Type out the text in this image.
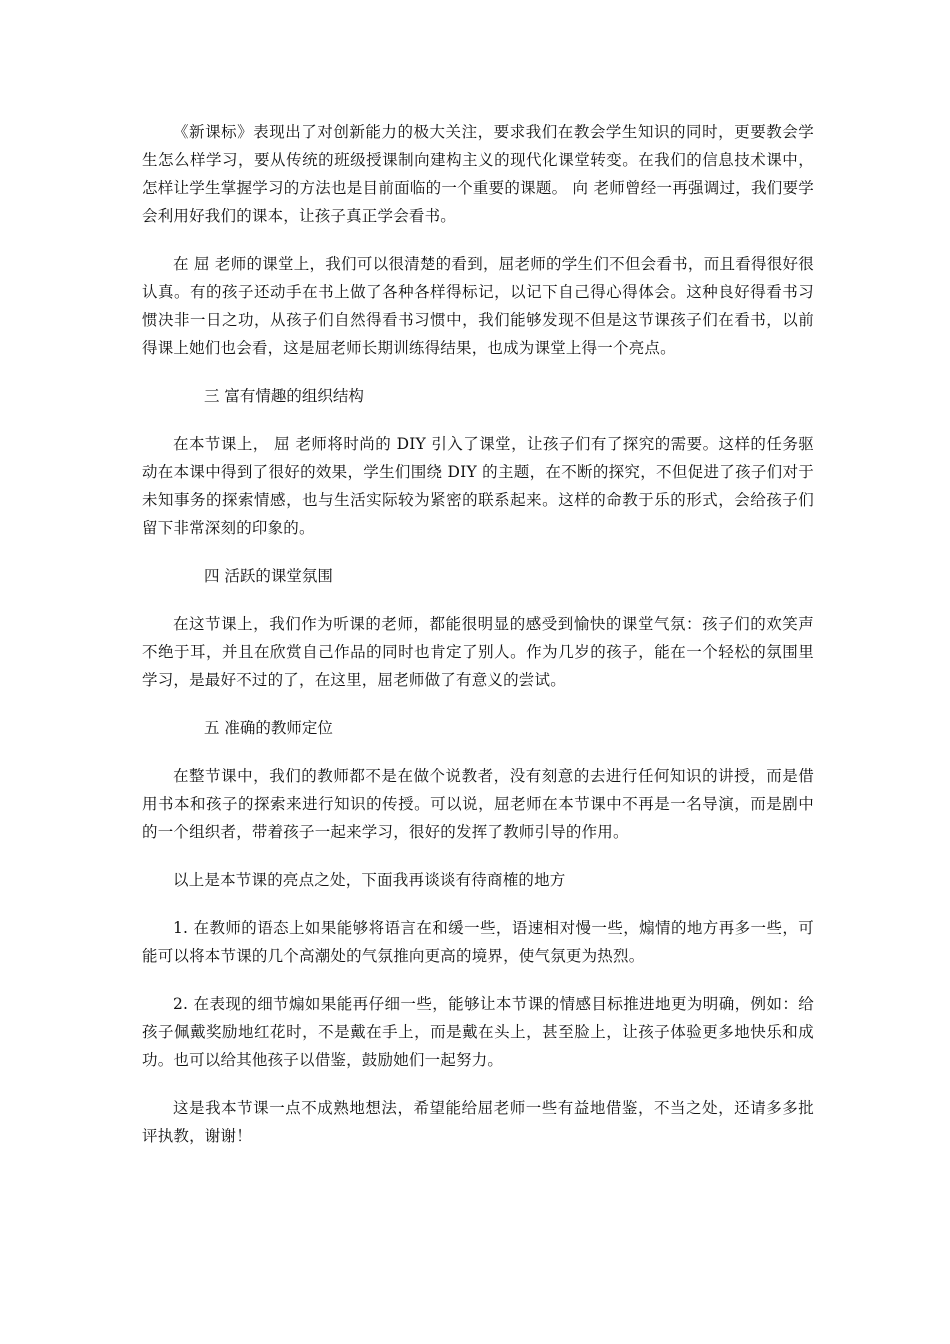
《新课标》表现出了对创新能力的极大关注，要求我们在教会学生知识的同时，更要教会学生怎么样学习，要从传统的班级授课制向建构主义的现代化课堂转变。在我们的信息技术课中，怎样让学生掌握学习的方法也是目前面临的一个重要的课题。 向 老师曾经一再强调过，我们要学会利用好我们的课本，让孩子真正学会看书。

在 屈 老师的课堂上，我们可以很清楚的看到，屈老师的学生们不但会看书，而且看得很好很认真。有的孩子还动手在书上做了各种各样得标记，以记下自己得心得体会。这种良好得看书习惯决非一日之功，从孩子们自然得看书习惯中，我们能够发现不但是这节课孩子们在看书，以前得课上她们也会看，这是屈老师长期训练得结果，也成为课堂上得一个亮点。

三 富有情趣的组织结构

在本节课上， 屈 老师将时尚的 DIY 引入了课堂，让孩子们有了探究的需要。这样的任务驱动在本课中得到了很好的效果，学生们围绕 DIY 的主题，在不断的探究，不但促进了孩子们对于未知事务的探索情感，也与生活实际较为紧密的联系起来。这样的命教于乐的形式，会给孩子们留下非常深刻的印象的。

四 活跃的课堂氛围

在这节课上，我们作为听课的老师，都能很明显的感受到愉快的课堂气氛：孩子们的欢笑声不绝于耳，并且在欣赏自己作品的同时也肯定了别人。作为几岁的孩子，能在一个轻松的氛围里学习，是最好不过的了，在这里，屈老师做了有意义的尝试。

五 准确的教师定位

在整节课中，我们的教师都不是在做个说教者，没有刻意的去进行任何知识的讲授，而是借用书本和孩子的探索来进行知识的传授。可以说，屈老师在本节课中不再是一名导演，而是剧中的一个组织者，带着孩子一起来学习，很好的发挥了教师引导的作用。

以上是本节课的亮点之处，下面我再谈谈有待商榷的地方

1. 在教师的语态上如果能够将语言在和缓一些，语速相对慢一些，煽情的地方再多一些，可能可以将本节课的几个高潮处的气氛推向更高的境界，使气氛更为热烈。

2. 在表现的细节煽如果能再仔细一些，能够让本节课的情感目标推进地更为明确，例如：给孩子佩戴奖励地红花时，不是戴在手上，而是戴在头上，甚至脸上，让孩子体验更多地快乐和成功。也可以给其他孩子以借鉴，鼓励她们一起努力。

这是我本节课一点不成熟地想法，希望能给屈老师一些有益地借鉴，不当之处，还请多多批评执教，谢谢！
